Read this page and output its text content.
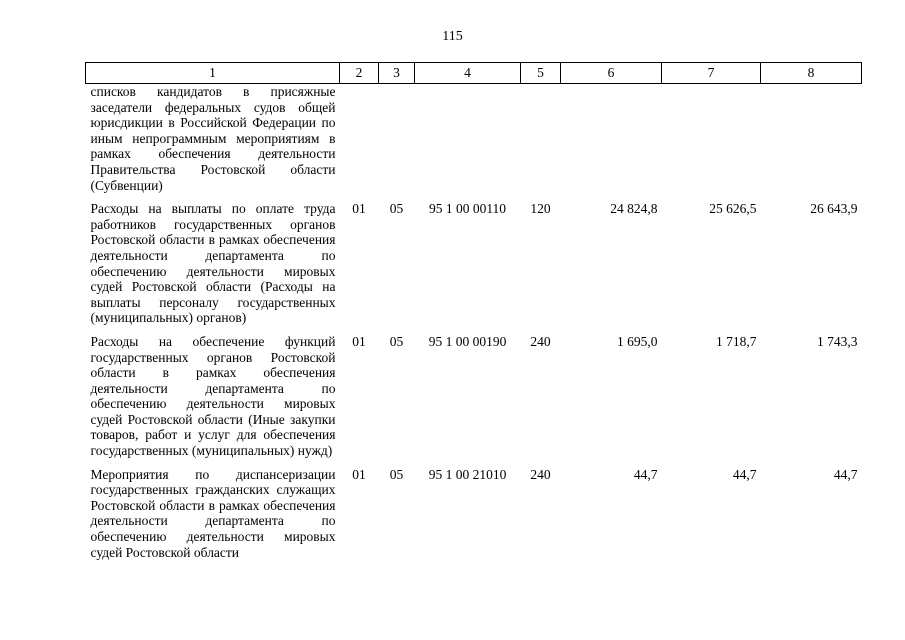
115
1	2	3	4	5	6	7	8
списков кандидатов в присяжные заседатели федеральных судов общей юрисдикции в Российской Федерации по иным непрограммным мероприятиям в рамках обеспечения деятельности Правительства Ростовской области (Субвенции)							
Расходы на выплаты по оплате труда работников государственных органов Ростовской области в рамках обеспечения деятельности департамента по обеспечению деятельности мировых судей Ростовской области (Расходы на выплаты персоналу государственных (муниципальных) органов)	01	05	95 1 00 00110	120	24 824,8	25 626,5	26 643,9
Расходы на обеспечение функций государственных органов Ростовской области в рамках обеспечения деятельности департамента по обеспечению деятельности мировых судей Ростовской области (Иные закупки товаров, работ и услуг для обеспечения государственных (муниципальных) нужд)	01	05	95 1 00 00190	240	1 695,0	1 718,7	1 743,3
Мероприятия по диспансеризации государственных гражданских служащих Ростовской области в рамках обеспечения деятельности департамента по обеспечению деятельности мировых судей Ростовской области	01	05	95 1 00 21010	240	44,7	44,7	44,7
